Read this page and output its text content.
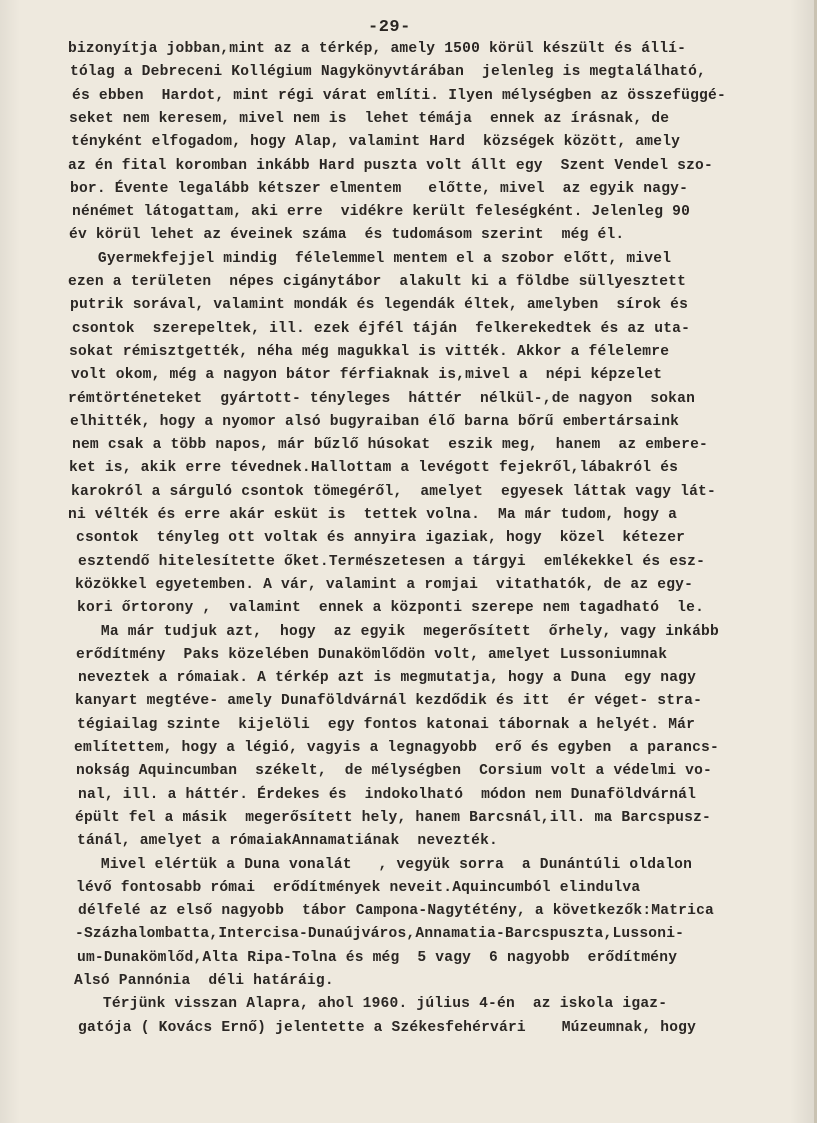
-29-
bizonyítja jobban,mint az a térkép, amely 1500 körül készült és állí-
tólag a Debreceni Kollégium Nagykönyvtárában  jelenleg is megtalálható,
és ebben  Hardot, mint régi várat említi. Ilyen mélységben az összefüggé-
seket nem keresem, mivel nem is  lehet témája  ennek az írásnak, de
tényként elfogadom, hogy Alap, valamint Hard  községek között, amely
az én fital koromban inkább Hard puszta volt állt egy  Szent Vendel szo-
bor. Évente legalább kétszer elmentem   előtte, mivel  az egyik nagy-
nénémet látogattam, aki erre  vidékre került feleségként. Jelenleg 90
év körül lehet az éveinek száma  és tudomásom szerint  még él.
Gyermekfejjel mindig  félelemmel mentem el a szobor előtt, mivel
ezen a területen  népes cigánytábor  alakult ki a földbe süllyesztett
putrik sorával, valamint mondák és legendák éltek, amelyben  sírok és
csontok  szerepeltek, ill. ezek éjfél táján  felkerekedtek és az uta-
sokat rémisztgették, néha még magukkal is vitték. Akkor a félelemre
volt okom, még a nagyon bátor férfiaknak is,mivel a  népi képzelet
rémtörténeteket  gyártott- tényleges  háttér  nélkül-,de nagyon  sokan
elhitték, hogy a nyomor alsó bugyraiban élő barna bőrű embertársaink
nem csak a több napos, már bűzlő húsokat  eszik meg,  hanem  az embere-
ket is, akik erre tévednek.Hallottam a levégott fejekről,lábakról és
karokról a sárguló csontok tömegéről,  amelyet  egyesek láttak vagy lát-
ni vélték és erre akár esküt is  tettek volna.  Ma már tudom, hogy a
csontok  tényleg ott voltak és annyira igaziak, hogy  közel  kétezer
esztendő hitelesítette őket.Természetesen a tárgyi  emlékekkel és esz-
közökkel egyetemben. A vár, valamint a romjai  vitathatók, de az egy-
kori őrtorony ,  valamint  ennek a központi szerepe nem tagadható  le.
Ma már tudjuk azt,  hogy  az egyik  megerősített  őrhely, vagy inkább
erődítmény  Paks közelében Dunakömlődön volt, amelyet Lussoniumnak
neveztek a rómaiak. A térkép azt is megmutatja, hogy a Duna  egy nagy
kanyart megtéve- amely Dunaföldvárnál kezdődik és itt  ér véget- stra-
tégiailag szinte  kijelöli  egy fontos katonai tábornak a helyét. Már
említettem, hogy a légió, vagyis a legnagyobb  erő és egyben  a parancs-
nokság Aquincumban  székelt,  de mélységben  Corsium volt a védelmi vo-
nal, ill. a háttér. Érdekes és  indokolható  módon nem Dunaföldvárnál
épült fel a másik  megerősített hely, hanem Barcsnál,ill. ma Barcspusz-
tánál, amelyet a rómaiakAnnamatiának  nevezték.
Mivel elértük a Duna vonalát   , vegyük sorra  a Dunántúli oldalon
lévő fontosabb római  erődítmények neveit.Aquincumból elindulva
délfelé az első nagyobb  tábor Campona-Nagytétény, a következők:Matrica
-Százhalombatta,Intercisa-Dunaújváros,Annamatia-Barcspuszta,Lussoni-
um-Dunakömlőd,Alta Ripa-Tolna és még  5 vagy  6 nagyobb  erődítmény
Alsó Pannónia  déli határáig.
Térjünk visszan Alapra, ahol 1960. július 4-én  az iskola igaz-
gatója ( Kovács Ernő) jelentette a Székesfehérvári    Múzeumnak, hogy
